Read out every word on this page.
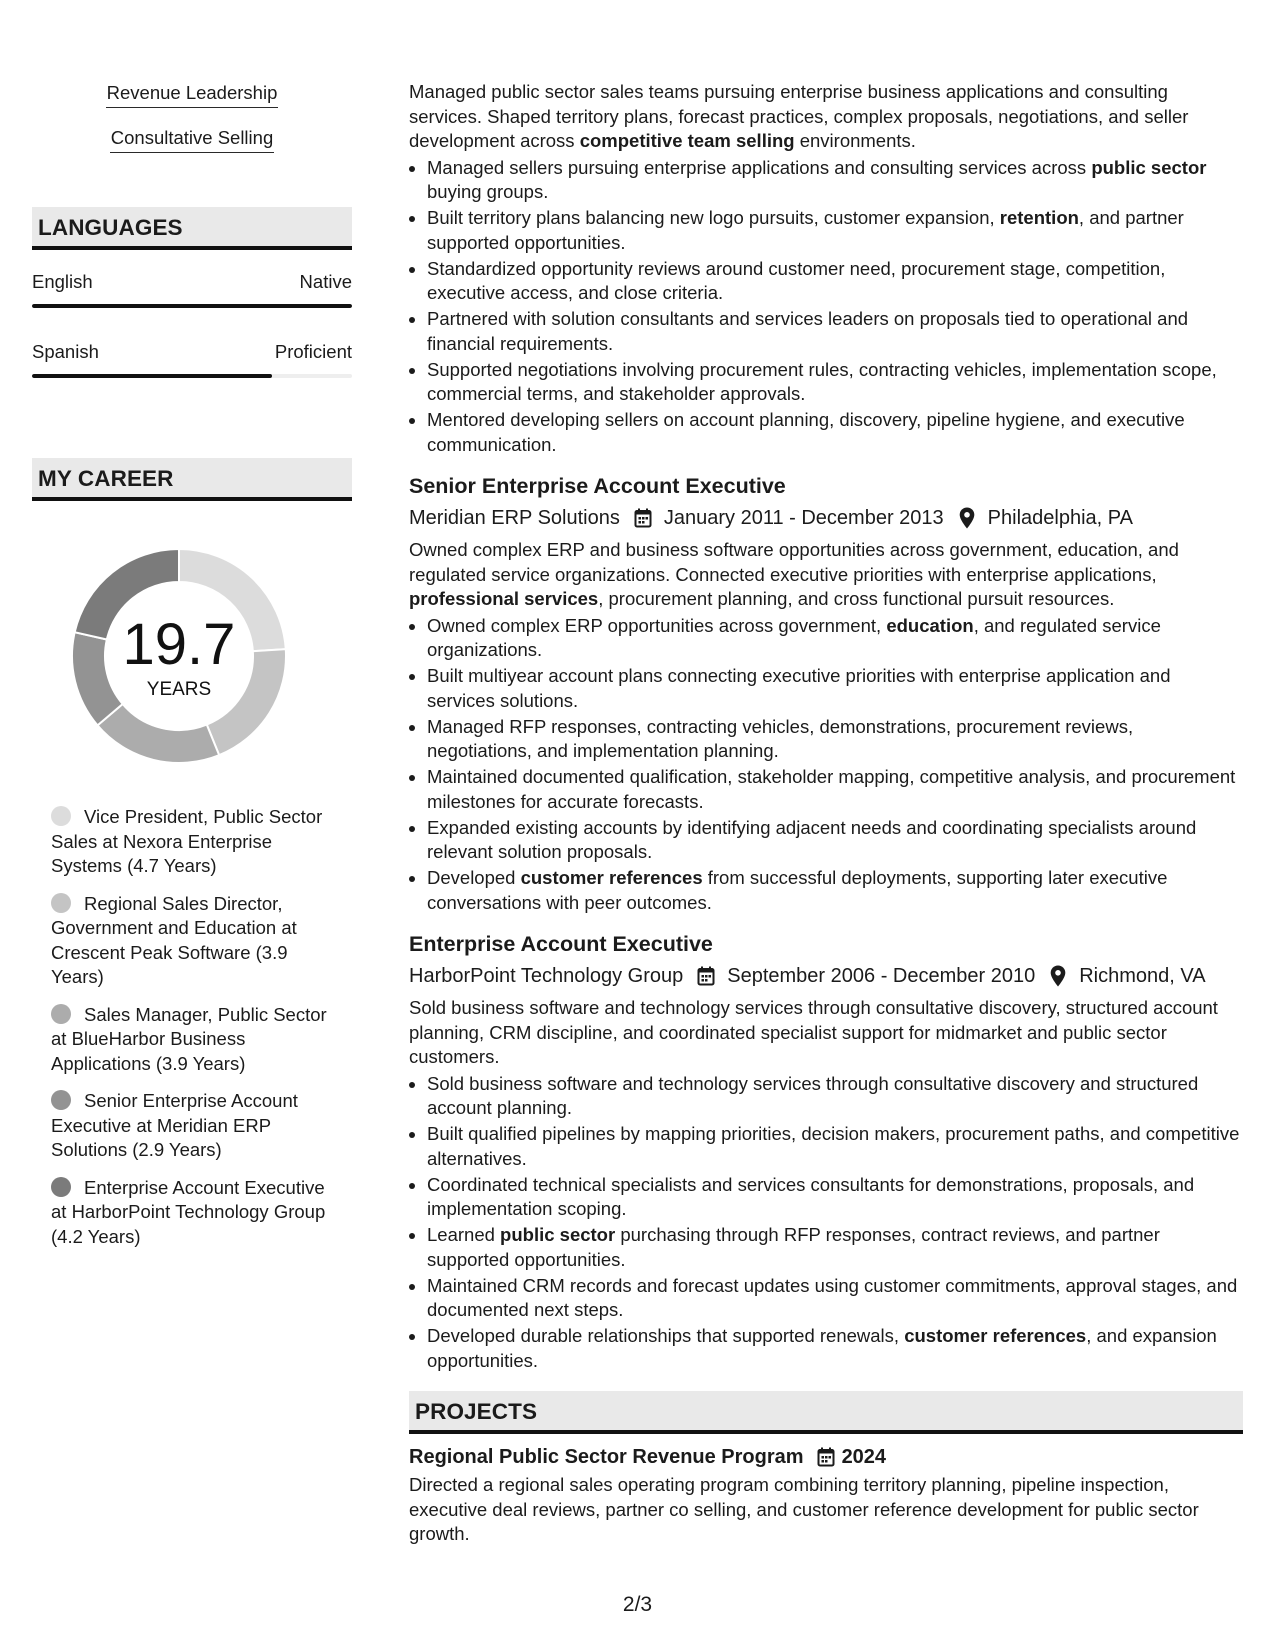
Revenue Leadership
Consultative Selling
LANGUAGES
English	Native
Spanish	Proficient
MY CAREER
19.7
YEARS
Vice President, Public Sector Sales at Nexora Enterprise Systems (4.7 Years)
Regional Sales Director, Government and Education at Crescent Peak Software (3.9 Years)
Sales Manager, Public Sector at BlueHarbor Business Applications (3.9 Years)
Senior Enterprise Account Executive at Meridian ERP Solutions (2.9 Years)
Enterprise Account Executive at HarborPoint Technology Group (4.2 Years)

Managed public sector sales teams pursuing enterprise business applications and consulting services. Shaped territory plans, forecast practices, complex proposals, negotiations, and seller development across competitive team selling environments.

• Managed sellers pursuing enterprise applications and consulting services across public sector buying groups.
• Built territory plans balancing new logo pursuits, customer expansion, retention, and partner supported opportunities.
• Standardized opportunity reviews around customer need, procurement stage, competition, executive access, and close criteria.
• Partnered with solution consultants and services leaders on proposals tied to operational and financial requirements.
• Supported negotiations involving procurement rules, contracting vehicles, implementation scope, commercial terms, and stakeholder approvals.
• Mentored developing sellers on account planning, discovery, pipeline hygiene, and executive communication.
Senior Enterprise Account Executive
Meridian ERP Solutions January 2011 - December 2013 Philadelphia, PA

Owned complex ERP and business software opportunities across government, education, and regulated service organizations. Connected executive priorities with enterprise applications, professional services, procurement planning, and cross functional pursuit resources.

• Owned complex ERP opportunities across government, education, and regulated service organizations.
• Built multiyear account plans connecting executive priorities with enterprise application and services solutions.
• Managed RFP responses, contracting vehicles, demonstrations, procurement reviews, negotiations, and implementation planning.
• Maintained documented qualification, stakeholder mapping, competitive analysis, and procurement milestones for accurate forecasts.
• Expanded existing accounts by identifying adjacent needs and coordinating specialists around relevant solution proposals.
• Developed customer references from successful deployments, supporting later executive conversations with peer outcomes.
Enterprise Account Executive
HarborPoint Technology Group September 2006 - December 2010 Richmond, VA

Sold business software and technology services through consultative discovery, structured account planning, CRM discipline, and coordinated specialist support for midmarket and public sector customers.

• Sold business software and technology services through consultative discovery and structured account planning.
• Built qualified pipelines by mapping priorities, decision makers, procurement paths, and competitive alternatives.
• Coordinated technical specialists and services consultants for demonstrations, proposals, and implementation scoping.
• Learned public sector purchasing through RFP responses, contract reviews, and partner supported opportunities.
• Maintained CRM records and forecast updates using customer commitments, approval stages, and documented next steps.
• Developed durable relationships that supported renewals, customer references, and expansion opportunities.
PROJECTS
Regional Public Sector Revenue Program 2024

Directed a regional sales operating program combining territory planning, pipeline inspection, executive deal reviews, partner co selling, and customer reference development for public sector growth.

2/3
